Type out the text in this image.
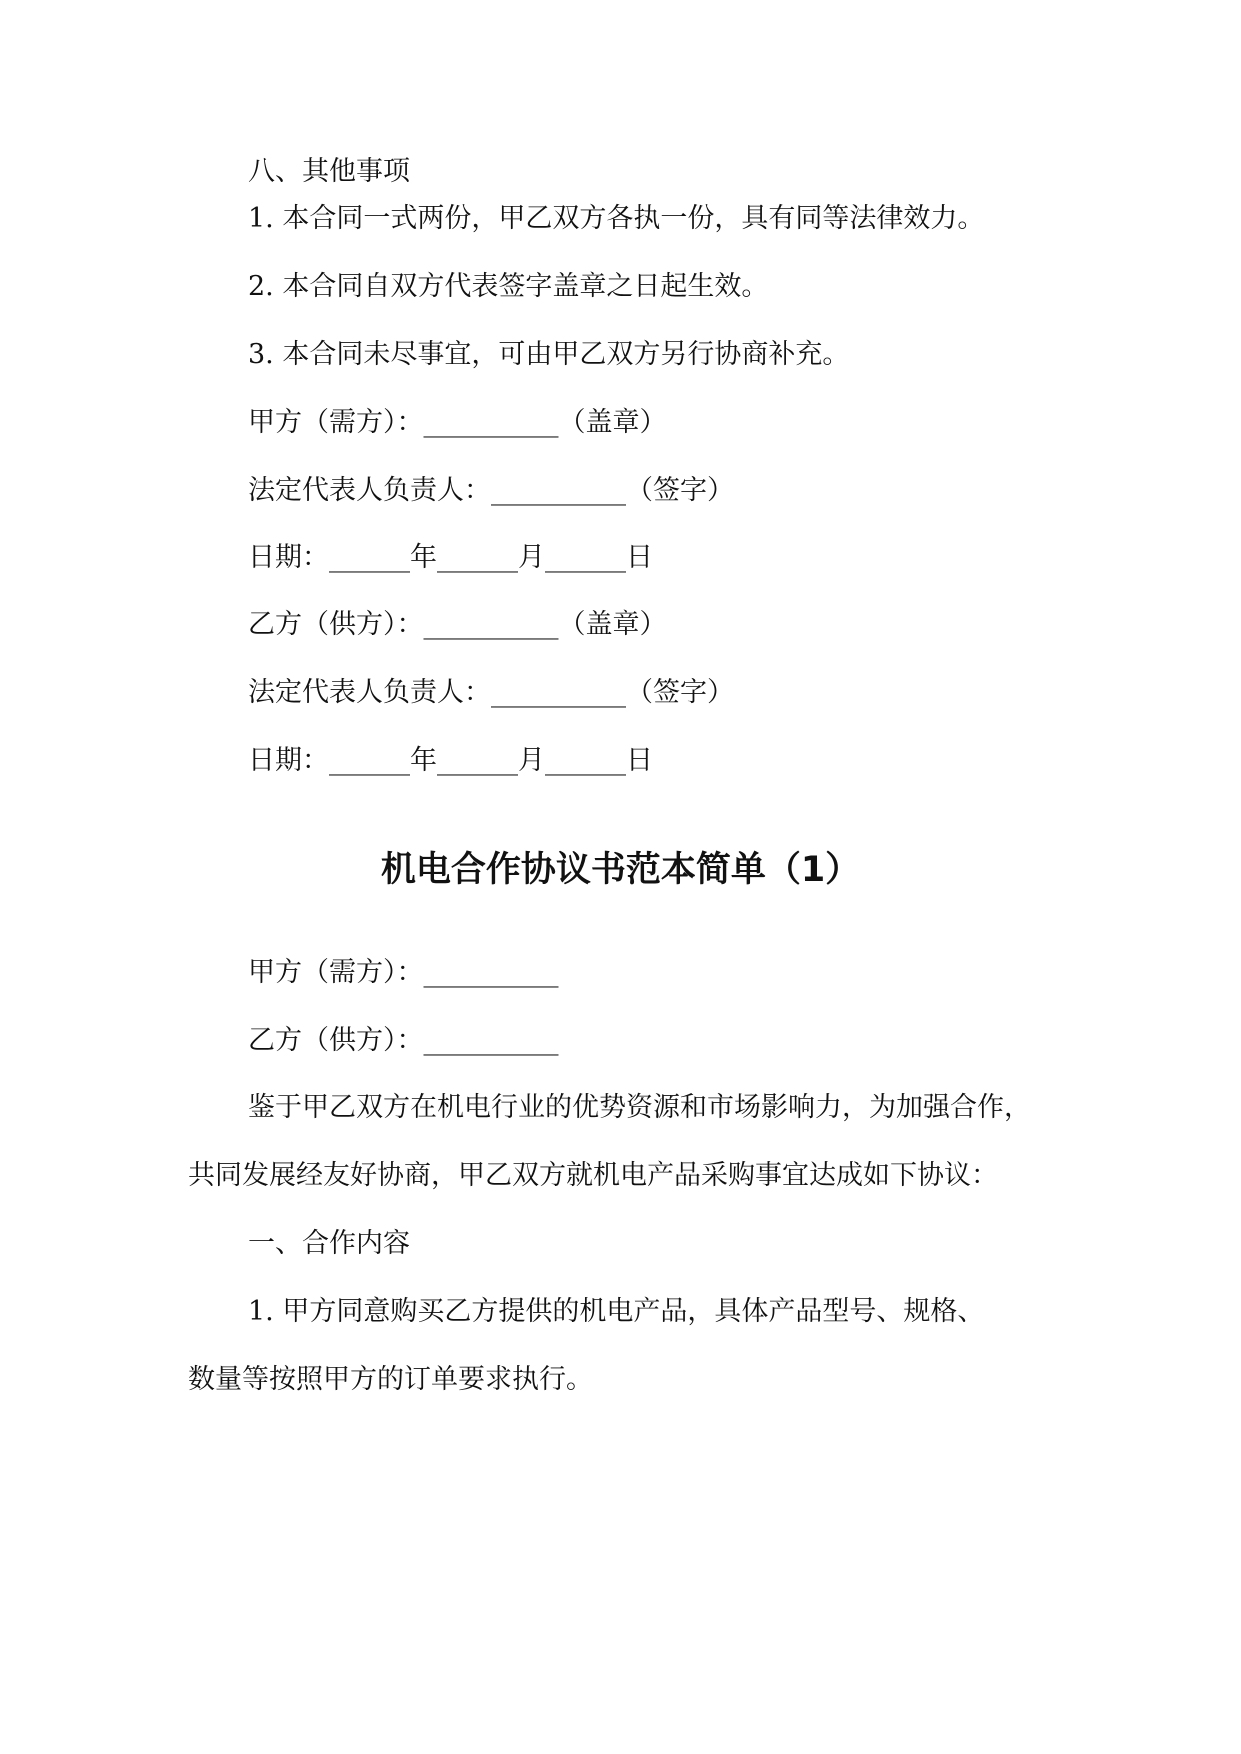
八、其他事项
1. 本合同一式两份，甲乙双方各执一份，具有同等法律效力。
2. 本合同自双方代表签字盖章之日起生效。
3. 本合同未尽事宜，可由甲乙双方另行协商补充。
甲方（需方）：__________（盖章）
法定代表人负责人：__________（签字）
日期：______年______月______日
乙方（供方）：__________（盖章）
法定代表人负责人：__________（签字）
日期：______年______月______日
机电合作协议书范本简单（1）
甲方（需方）：__________
乙方（供方）：__________
鉴于甲乙双方在机电行业的优势资源和市场影响力，为加强合作，
共同发展经友好协商，甲乙双方就机电产品采购事宜达成如下协议：
一、合作内容
1. 甲方同意购买乙方提供的机电产品，具体产品型号、规格、
数量等按照甲方的订单要求执行。
